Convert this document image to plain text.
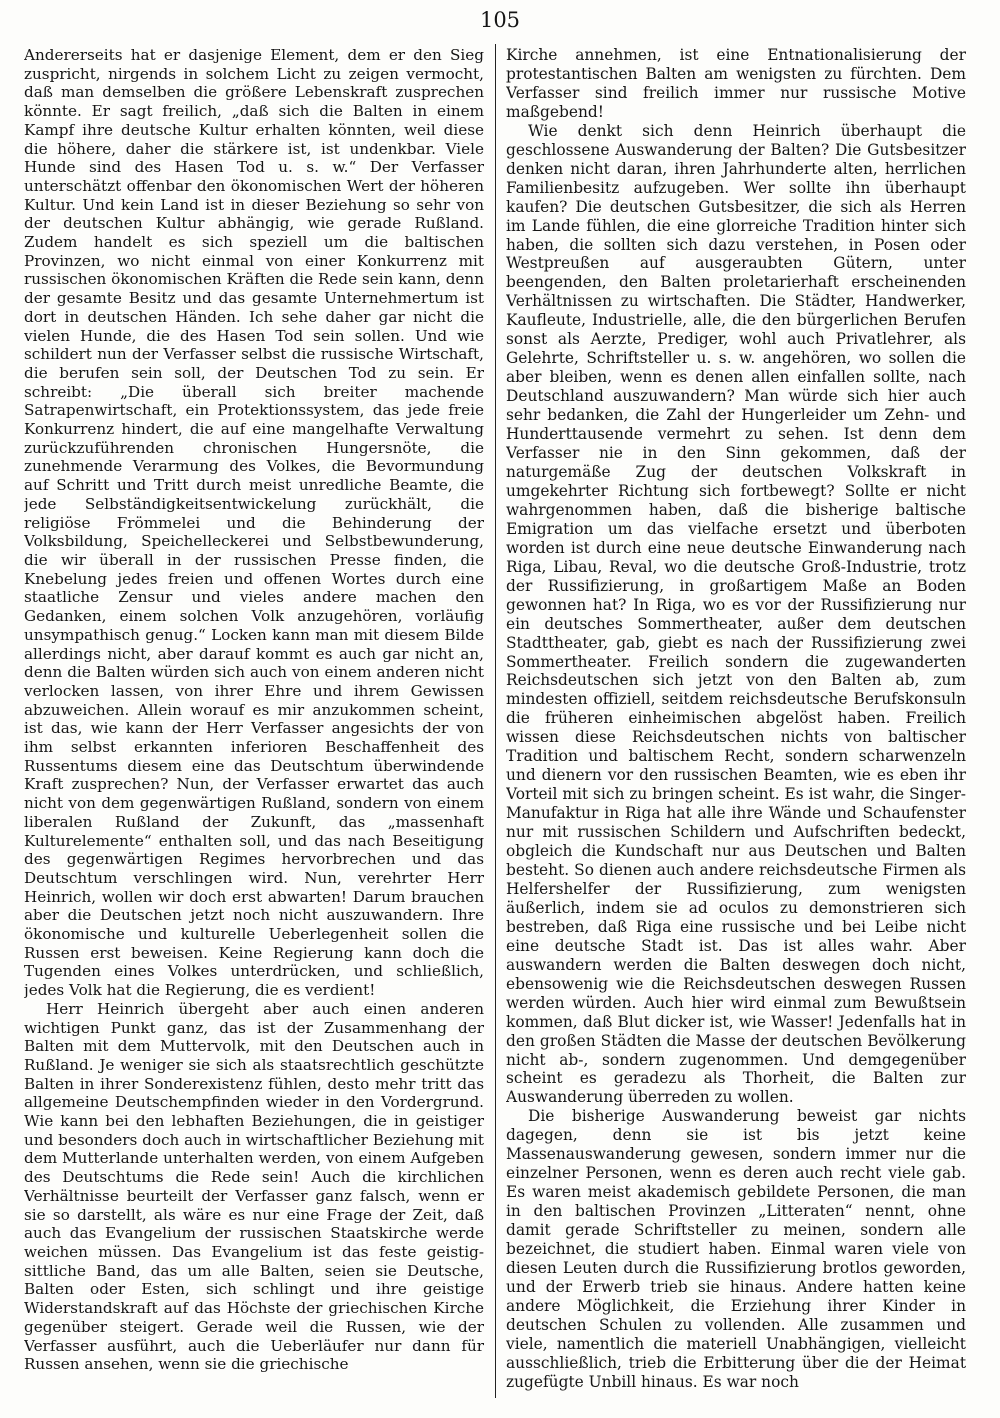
105

Andererseits hat er dasjenige Element, dem er den Sieg zuspricht, nirgends in solchem Licht zu zeigen vermocht, daß man demselben die größere Lebenskraft zusprechen könnte. Er sagt freilich, „daß sich die Balten in einem Kampf ihre deutsche Kultur erhalten könnten, weil diese die höhere, daher die stärkere ist, ist undenkbar. Viele Hunde sind des Hasen Tod u. s. w.“ Der Verfasser unterschätzt offenbar den ökonomischen Wert der höheren Kultur. Und kein Land ist in dieser Beziehung so sehr von der deutschen Kultur abhängig, wie gerade Rußland. Zudem handelt es sich speziell um die baltischen Provinzen, wo nicht einmal von einer Konkurrenz mit russischen ökonomischen Kräften die Rede sein kann, denn der gesamte Besitz und das gesamte Unternehmertum ist dort in deutschen Händen. Ich sehe daher gar nicht die vielen Hunde, die des Hasen Tod sein sollen. Und wie schildert nun der Verfasser selbst die russische Wirtschaft, die berufen sein soll, der Deutschen Tod zu sein. Er schreibt: „Die überall sich breiter machende Satrapenwirtschaft, ein Protektionssystem, das jede freie Konkurrenz hindert, die auf eine mangelhafte Verwaltung zurückzuführenden chronischen Hungersnöte, die zunehmende Verarmung des Volkes, die Bevormundung auf Schritt und Tritt durch meist unredliche Beamte, die jede Selbständigkeitsentwickelung zurückhält, die religiöse Frömmelei und die Behinderung der Volksbildung, Speichelleckerei und Selbstbewunderung, die wir überall in der russischen Presse finden, die Knebelung jedes freien und offenen Wortes durch eine staatliche Zensur und vieles andere machen den Gedanken, einem solchen Volk anzugehören, vorläufig unsympathisch genug.“ Locken kann man mit diesem Bilde allerdings nicht, aber darauf kommt es auch gar nicht an, denn die Balten würden sich auch von einem anderen nicht verlocken lassen, von ihrer Ehre und ihrem Gewissen abzuweichen. Allein worauf es mir anzukommen scheint, ist das, wie kann der Herr Verfasser angesichts der von ihm selbst erkannten inferioren Beschaffenheit des Russentums diesem eine das Deutschtum überwindende Kraft zusprechen? Nun, der Verfasser erwartet das auch nicht von dem gegenwärtigen Rußland, sondern von einem liberalen Rußland der Zukunft, das „massenhaft Kulturelemente“ enthalten soll, und das nach Beseitigung des gegenwärtigen Regimes hervorbrechen und das Deutschtum verschlingen wird. Nun, verehrter Herr Heinrich, wollen wir doch erst abwarten! Darum brauchen aber die Deutschen jetzt noch nicht auszuwandern. Ihre ökonomische und kulturelle Ueberlegenheit sollen die Russen erst beweisen. Keine Regierung kann doch die Tugenden eines Volkes unterdrücken, und schließlich, jedes Volk hat die Regierung, die es verdient!

Herr Heinrich übergeht aber auch einen anderen wichtigen Punkt ganz, das ist der Zusammenhang der Balten mit dem Muttervolk, mit den Deutschen auch in Rußland. Je weniger sie sich als staatsrechtlich geschützte Balten in ihrer Sonderexistenz fühlen, desto mehr tritt das allgemeine Deutschempfinden wieder in den Vordergrund. Wie kann bei den lebhaften Beziehungen, die in geistiger und besonders doch auch in wirtschaftlicher Beziehung mit dem Mutterlande unterhalten werden, von einem Aufgeben des Deutschtums die Rede sein! Auch die kirchlichen Verhältnisse beurteilt der Verfasser ganz falsch, wenn er sie so darstellt, als wäre es nur eine Frage der Zeit, daß auch das Evangelium der russischen Staatskirche werde weichen müssen. Das Evangelium ist das feste geistig-sittliche Band, das um alle Balten, seien sie Deutsche, Balten oder Esten, sich schlingt und ihre geistige Widerstandskraft auf das Höchste der griechischen Kirche gegenüber steigert. Gerade weil die Russen, wie der Verfasser ausführt, auch die Ueberläufer nur dann für Russen ansehen, wenn sie die griechische

Kirche annehmen, ist eine Entnationalisierung der protestantischen Balten am wenigsten zu fürchten. Dem Verfasser sind freilich immer nur russische Motive maßgebend!

Wie denkt sich denn Heinrich überhaupt die geschlossene Auswanderung der Balten? Die Gutsbesitzer denken nicht daran, ihren Jahrhunderte alten, herrlichen Familienbesitz aufzugeben. Wer sollte ihn überhaupt kaufen? Die deutschen Gutsbesitzer, die sich als Herren im Lande fühlen, die eine glorreiche Tradition hinter sich haben, die sollten sich dazu verstehen, in Posen oder Westpreußen auf ausgeraubten Gütern, unter beengenden, den Balten proletarierhaft erscheinenden Verhältnissen zu wirtschaften. Die Städter, Handwerker, Kaufleute, Industrielle, alle, die den bürgerlichen Berufen sonst als Aerzte, Prediger, wohl auch Privatlehrer, als Gelehrte, Schriftsteller u. s. w. angehören, wo sollen die aber bleiben, wenn es denen allen einfallen sollte, nach Deutschland auszuwandern? Man würde sich hier auch sehr bedanken, die Zahl der Hungerleider um Zehn- und Hunderttausende vermehrt zu sehen. Ist denn dem Verfasser nie in den Sinn gekommen, daß der naturgemäße Zug der deutschen Volkskraft in umgekehrter Richtung sich fortbewegt? Sollte er nicht wahrgenommen haben, daß die bisherige baltische Emigration um das vielfache ersetzt und überboten worden ist durch eine neue deutsche Einwanderung nach Riga, Libau, Reval, wo die deutsche Groß-Industrie, trotz der Russifizierung, in großartigem Maße an Boden gewonnen hat? In Riga, wo es vor der Russifizierung nur ein deutsches Sommertheater, außer dem deutschen Stadttheater, gab, giebt es nach der Russifizierung zwei Sommertheater. Freilich sondern die zugewanderten Reichsdeutschen sich jetzt von den Balten ab, zum mindesten offiziell, seitdem reichsdeutsche Berufskonsuln die früheren einheimischen abgelöst haben. Freilich wissen diese Reichsdeutschen nichts von baltischer Tradition und baltischem Recht, sondern scharwenzeln und dienern vor den russischen Beamten, wie es eben ihr Vorteil mit sich zu bringen scheint. Es ist wahr, die Singer-Manufaktur in Riga hat alle ihre Wände und Schaufenster nur mit russischen Schildern und Aufschriften bedeckt, obgleich die Kundschaft nur aus Deutschen und Balten besteht. So dienen auch andere reichsdeutsche Firmen als Helfershelfer der Russifizierung, zum wenigsten äußerlich, indem sie ad oculos zu demonstrieren sich bestreben, daß Riga eine russische und bei Leibe nicht eine deutsche Stadt ist. Das ist alles wahr. Aber auswandern werden die Balten deswegen doch nicht, ebensowenig wie die Reichsdeutschen deswegen Russen werden würden. Auch hier wird einmal zum Bewußtsein kommen, daß Blut dicker ist, wie Wasser! Jedenfalls hat in den großen Städten die Masse der deutschen Bevölkerung nicht ab-, sondern zugenommen. Und demgegenüber scheint es geradezu als Thorheit, die Balten zur Auswanderung überreden zu wollen.

Die bisherige Auswanderung beweist gar nichts dagegen, denn sie ist bis jetzt keine Massenauswanderung gewesen, sondern immer nur die einzelner Personen, wenn es deren auch recht viele gab. Es waren meist akademisch gebildete Personen, die man in den baltischen Provinzen „Litteraten“ nennt, ohne damit gerade Schriftsteller zu meinen, sondern alle bezeichnet, die studiert haben. Einmal waren viele von diesen Leuten durch die Russifizierung brotlos geworden, und der Erwerb trieb sie hinaus. Andere hatten keine andere Möglichkeit, die Erziehung ihrer Kinder in deutschen Schulen zu vollenden. Alle zusammen und viele, namentlich die materiell Unabhängigen, vielleicht ausschließlich, trieb die Erbitterung über die der Heimat zugefügte Unbill hinaus. Es war noch
